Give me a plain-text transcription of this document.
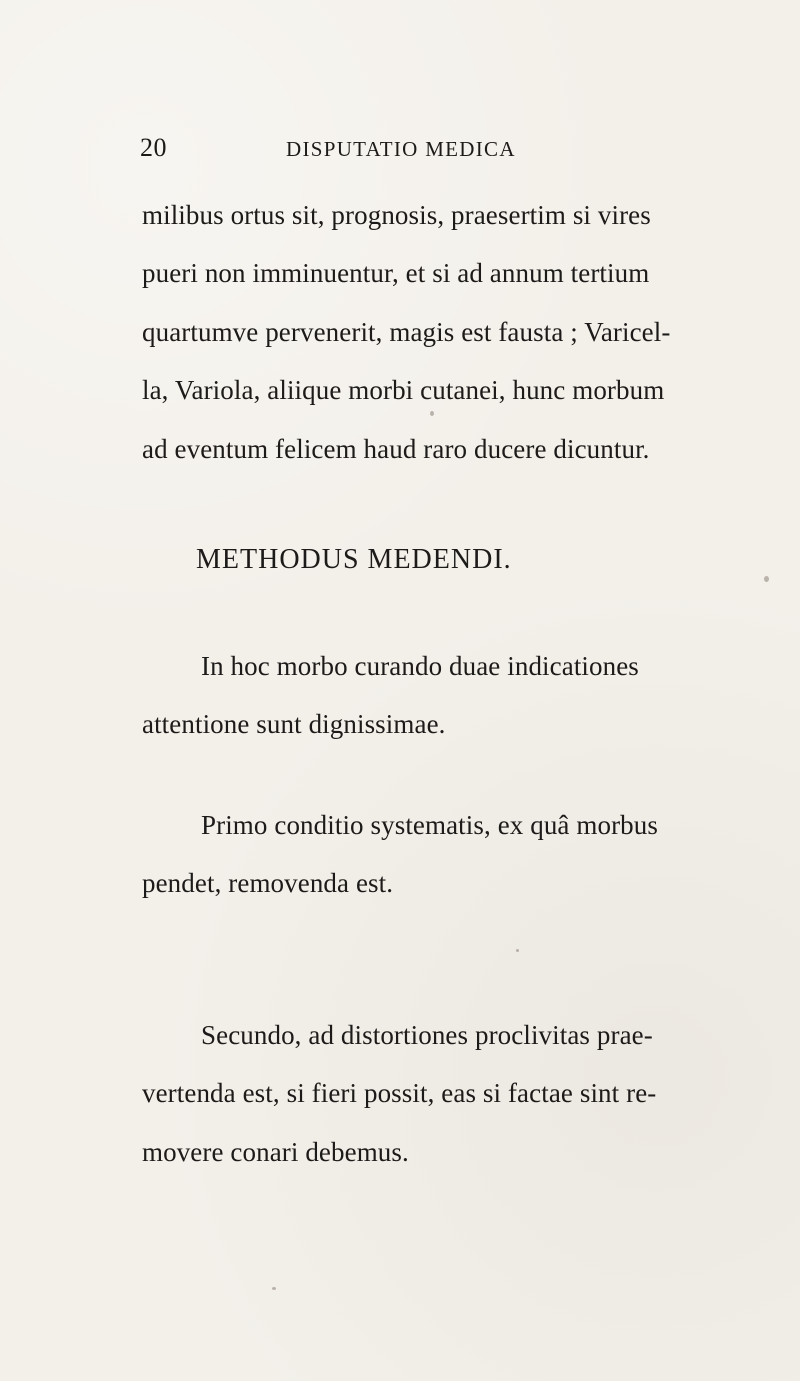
20	DISPUTATIO MEDICA
milibus ortus sit, prognosis, praesertim si vires
pueri non imminuentur, et si ad annum tertium
quartumve pervenerit, magis est fausta ; Varicel-
la, Variola, aliique morbi cutanei, hunc morbum
ad eventum felicem haud raro ducere dicuntur.
METHODUS MEDENDI.
In hoc morbo curando duae indicationes
attentione sunt dignissimae.
Primo conditio systematis, ex quâ morbus
pendet, removenda est.
Secundo, ad distortiones proclivitas prae-
vertenda est, si fieri possit, eas si factae sint re-
movere conari debemus.
